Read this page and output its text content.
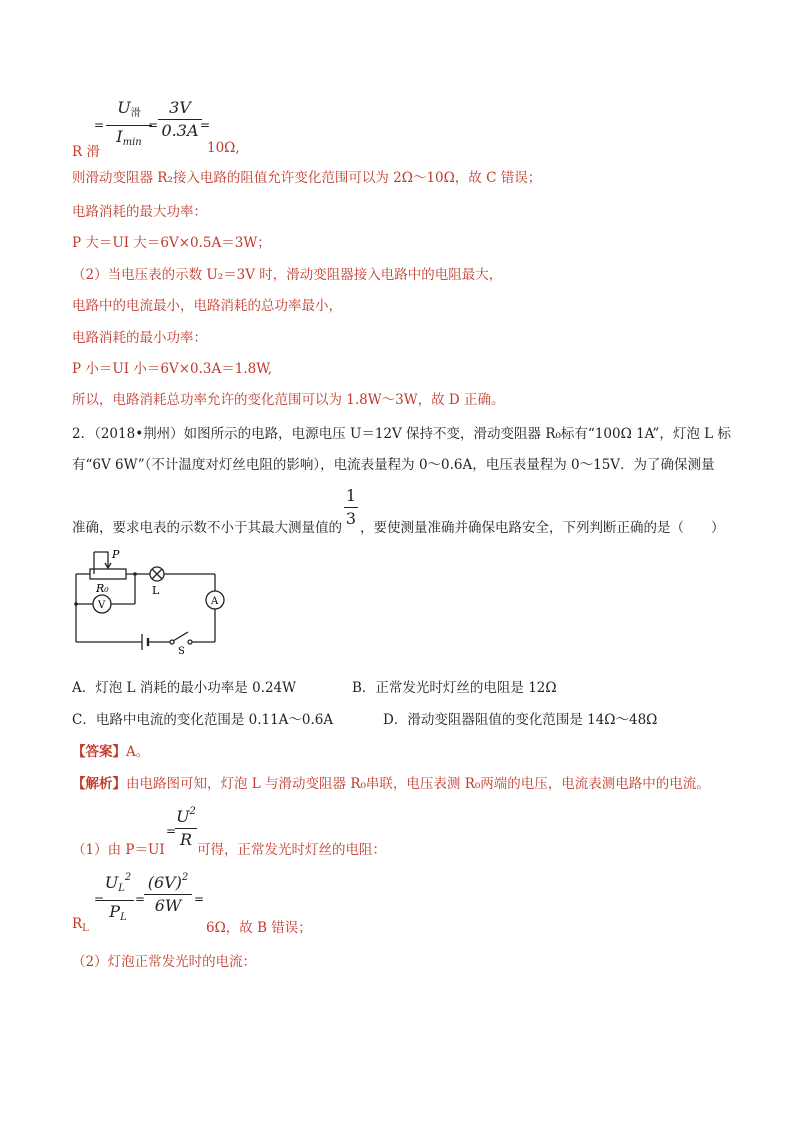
=
$U_滑$
$I_{min}$
=
3V
0.3A =
R 滑	10Ω,
则滑动变阻器 R₂接入电路的阻值允许变化范围可以为 2Ω～10Ω，故 C 错误；
电路消耗的最大功率：
P 大＝UI 大＝6V×0.5A＝3W；
（2）当电压表的示数 U₂＝3V 时，滑动变阻器接入电路中的电阻最大，
电路中的电流最小，电路消耗的总功率最小，
电路消耗的最小功率：
P 小＝UI 小＝6V×0.3A＝1.8W,
所以，电路消耗总功率允许的变化范围可以为 1.8W～3W，故 D 正确。
2．（2018•荆州）如图所示的电路，电源电压 U＝12V 保持不变，滑动变阻器 R₀标有“100Ω 1A”，灯泡 L 标
有“6V 6W”（不计温度对灯丝电阻的影响），电流表量程为 0～0.6A，电压表量程为 0～15V．为了确保测量
准确，要求电表的示数不小于其最大测量值的
1
3 ，要使测量准确并确保电路安全，下列判断正确的是（　　）
P
R₀	L
V	A
S
A．灯泡 L 消耗的最小功率是 0.24W	B．正常发光时灯丝的电阻是 12Ω
C．电路中电流的变化范围是 0.11A～0.6A	D．滑动变阻器阻值的变化范围是 14Ω～48Ω
【答案】A。
【解析】由电路图可知，灯泡 L 与滑动变阻器 R₀串联，电压表测 R₀两端的电压，电流表测电路中的电流。
（1）由 P＝UI
=
$U^2$
R
可得，正常发光时灯丝的电阻：
=
$U_L^2$
$P_L$
=
$(6V)^2$
6W	=
$R_L$	6Ω，故 B 错误；
（2）灯泡正常发光时的电流：
